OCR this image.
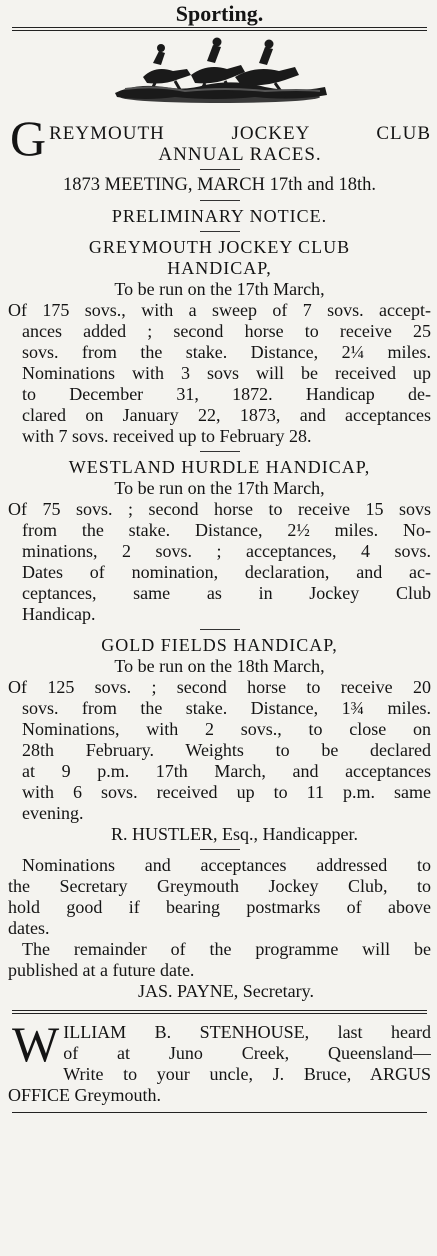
Sporting.
G REYMOUTH JOCKEY CLUB
ANNUAL RACES.
1873 MEETING, MARCH 17th and 18th.
PRELIMINARY NOTICE.
GREYMOUTH JOCKEY CLUB
HANDICAP,
To be run on the 17th March,
Of 175 sovs., with a sweep of 7 sovs. accept-
ances added ; second horse to receive 25
sovs. from the stake. Distance, 2¼ miles.
Nominations with 3 sovs will be received up
to December 31, 1872. Handicap de-
clared on January 22, 1873, and acceptances
with 7 sovs. received up to February 28.
WESTLAND HURDLE HANDICAP,
To be run on the 17th March,
Of 75 sovs. ; second horse to receive 15 sovs
from the stake. Distance, 2½ miles. No-
minations, 2 sovs. ; acceptances, 4 sovs.
Dates of nomination, declaration, and ac-
ceptances, same as in Jockey Club
Handicap.
GOLD FIELDS HANDICAP,
To be run on the 18th March,
Of 125 sovs. ; second horse to receive 20
sovs. from the stake. Distance, 1¾ miles.
Nominations, with 2 sovs., to close on
28th February. Weights to be declared
at 9 p.m. 17th March, and acceptances
with 6 sovs. received up to 11 p.m. same
evening.
R. HUSTLER, Esq., Handicapper.
Nominations and acceptances addressed to
the Secretary Greymouth Jockey Club, to
hold good if bearing postmarks of above
dates.
The remainder of the programme will be
published at a future date.
JAS. PAYNE, Secretary.
W ILLIAM B. STENHOUSE, last heard
of at Juno Creek, Queensland—
Write to your uncle, J. Bruce, ARGUS
OFFICE Greymouth.
